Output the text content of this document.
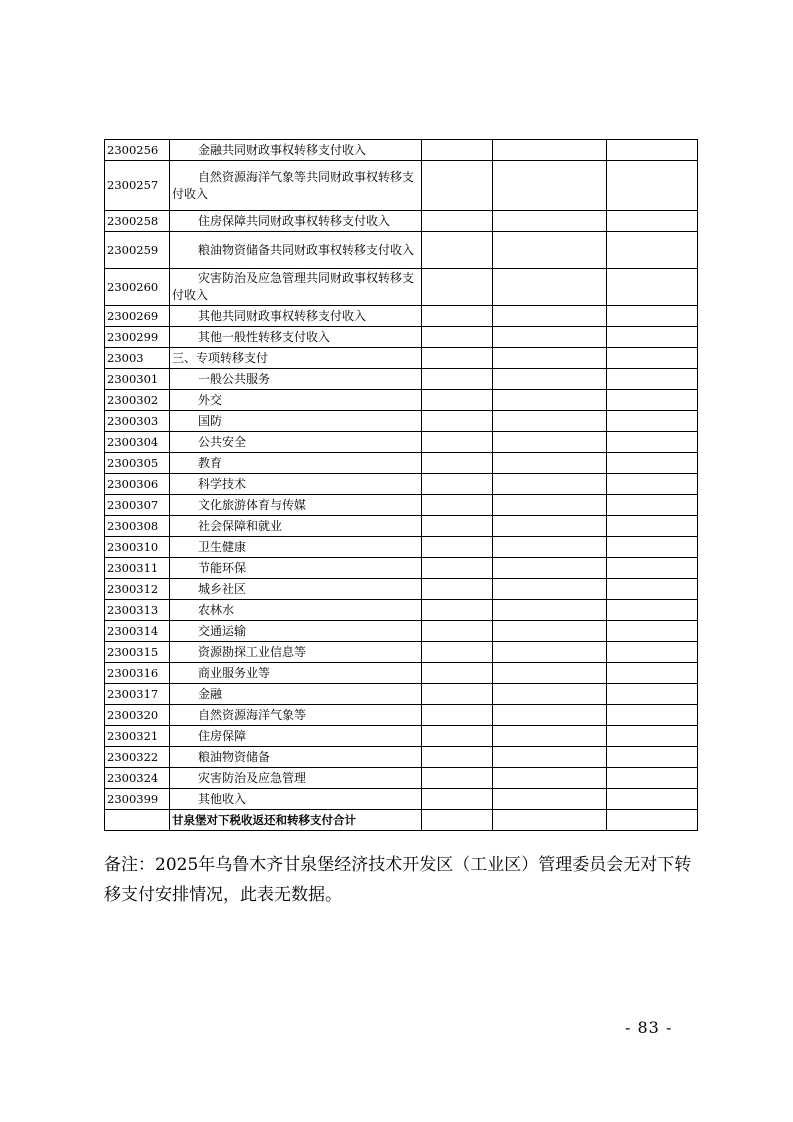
2300256	金融共同财政事权转移支付收入			
2300257	自然资源海洋气象等共同财政事权转移支付收入			
2300258	住房保障共同财政事权转移支付收入			
2300259	粮油物资储备共同财政事权转移支付收入			
2300260	灾害防治及应急管理共同财政事权转移支付收入			
2300269	其他共同财政事权转移支付收入			
2300299	其他一般性转移支付收入			
23003	三、专项转移支付			
2300301	一般公共服务			
2300302	外交			
2300303	国防			
2300304	公共安全			
2300305	教育			
2300306	科学技术			
2300307	文化旅游体育与传媒			
2300308	社会保障和就业			
2300310	卫生健康			
2300311	节能环保			
2300312	城乡社区			
2300313	农林水			
2300314	交通运输			
2300315	资源勘探工业信息等			
2300316	商业服务业等			
2300317	金融			
2300320	自然资源海洋气象等			
2300321	住房保障			
2300322	粮油物资储备			
2300324	灾害防治及应急管理			
2300399	其他收入			
	甘泉堡对下税收返还和转移支付合计			
备注：2025年乌鲁木齐甘泉堡经济技术开发区（工业区）管理委员会无对下转移支付安排情况，此表无数据。
- 83 -
